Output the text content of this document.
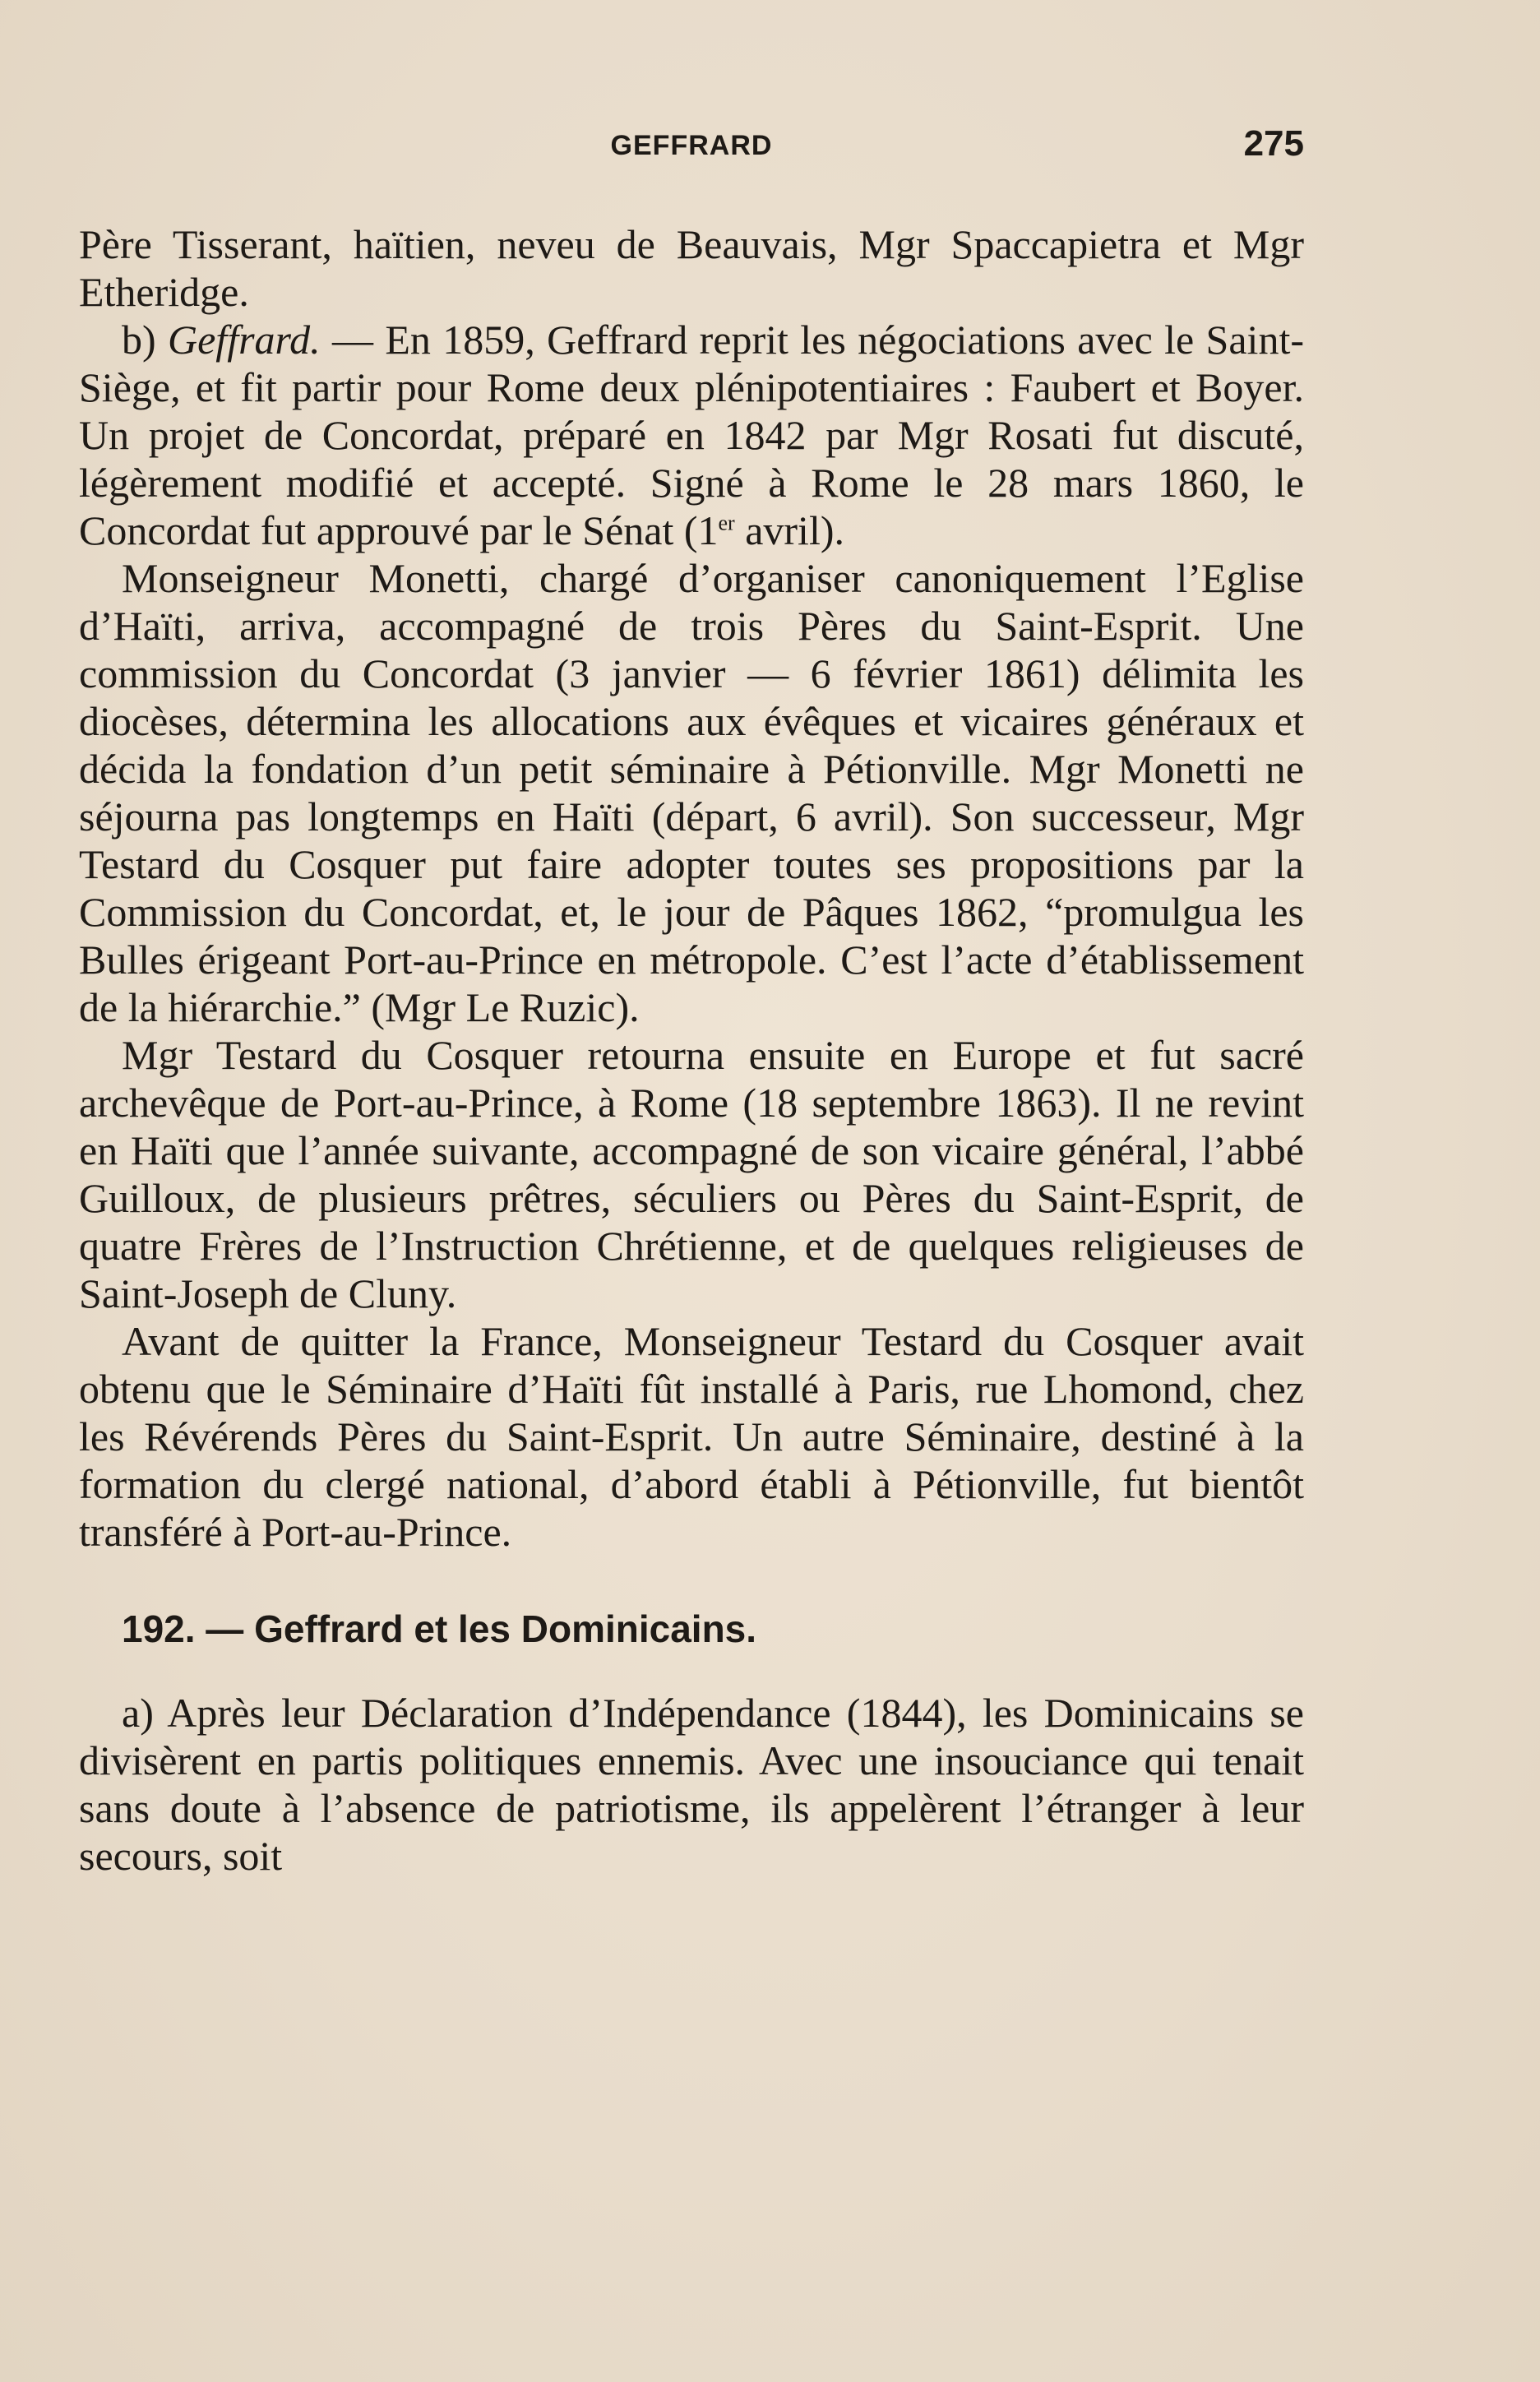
GEFFRARD	275

Père Tisserant, haïtien, neveu de Beauvais, Mgr Spaccapietra et Mgr Etheridge.

b) Geffrard. — En 1859, Geffrard reprit les négociations avec le Saint-Siège, et fit partir pour Rome deux plénipotentiaires : Faubert et Boyer. Un projet de Concordat, préparé en 1842 par Mgr Rosati fut discuté, légèrement modifié et accepté. Signé à Rome le 28 mars 1860, le Concordat fut approuvé par le Sénat (1er avril).

Monseigneur Monetti, chargé d’organiser canoniquement l’Eglise d’Haïti, arriva, accompagné de trois Pères du Saint-Esprit. Une commission du Concordat (3 janvier — 6 février 1861) délimita les diocèses, détermina les allocations aux évêques et vicaires généraux et décida la fondation d’un petit séminaire à Pétionville. Mgr Monetti ne séjourna pas longtemps en Haïti (départ, 6 avril). Son successeur, Mgr Testard du Cosquer put faire adopter toutes ses propositions par la Commission du Concordat, et, le jour de Pâques 1862, “promulgua les Bulles érigeant Port-au-Prince en métropole. C’est l’acte d’établissement de la hiérarchie.” (Mgr Le Ruzic).

Mgr Testard du Cosquer retourna ensuite en Europe et fut sacré archevêque de Port-au-Prince, à Rome (18 septembre 1863). Il ne revint en Haïti que l’année suivante, accompagné de son vicaire général, l’abbé Guilloux, de plusieurs prêtres, séculiers ou Pères du Saint-Esprit, de quatre Frères de l’Instruction Chrétienne, et de quelques religieuses de Saint-Joseph de Cluny.

Avant de quitter la France, Monseigneur Testard du Cosquer avait obtenu que le Séminaire d’Haïti fût installé à Paris, rue Lhomond, chez les Révérends Pères du Saint-Esprit. Un autre Séminaire, destiné à la formation du clergé national, d’abord établi à Pétionville, fut bientôt transféré à Port-au-Prince.

192. — Geffrard et les Dominicains.

a) Après leur Déclaration d’Indépendance (1844), les Dominicains se divisèrent en partis politiques ennemis. Avec une insouciance qui tenait sans doute à l’absence de patriotisme, ils appelèrent l’étranger à leur secours, soit
